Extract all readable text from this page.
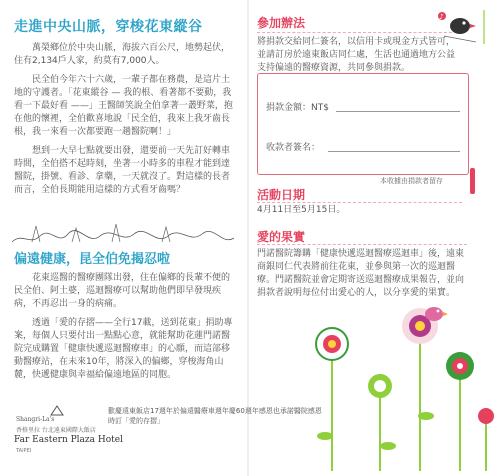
走進中央山脈，穿梭花東縱谷

萬榮鄉位於中央山脈，海拔六百公尺，地勢起伏，住有2,134戶人家，約莫有7,000人。

民全伯今年六十六歲，一輩子都在務農，是這片土地的守護者。「花東縱谷 — 我的根、看著都不要動，我看一下最好看 ——」王醫師笑說全伯拿著一叢野菜，抱在他的懷裡，全伯歡喜地說「民全伯，我來上我牙齒長根，我一來看一次都要跑一趟醫院啊！」

想到一大早七點就要出發，還要前一天先訂好轉車時間，全伯搭不起時刻，坐著一小時多的車程才能到達醫院，掛號、看診、拿藥，一天就沒了。對這樣的長者而言，全伯長期能用這樣的方式看牙齒嗎？

偏遠健康，昆全伯免揭忍啦

花東巡醫的醫療團隊出發，住在偏鄉的長輩不便的民全伯、阿土婆，巡迴醫療可以幫助他們即早發現疾病，不再忍出一身的病痛。

透過「愛的存摺——全行17載，送到花東」捐助專案，每個人只要付出一點點心意，就能幫助花蓮門諾醫院完成購置「健康快遞巡迴醫療車」的心願，而這部移動醫療站，在未來10年，將深入的偏鄉，穿梭海角山麓，快遞健康與幸福給偏遠地區的同胞。

Shangri-La's
香格里拉 台北遠東國際大飯店
Far Eastern Plaza Hotel
TAIPEI
歡慶遠東飯店17週年於偏遠醫療車週年慶60週年感恩也承諾醫院感恩時訂「愛的存摺」
參加辦法
將捐款交給同仁簽名，以信用卡或現金方式皆可，並請訂房於遠東飯店同仁處，生活也通過地方公益支持偏遠的醫療資源，共同參與捐款。
♪
捐款金額：NT$
收款者簽名：
本收據由捐款者留存
活動日期
4月11日至5月15日。
愛的果實
門諾醫院籌購「健康快遞巡迴醫療巡迴車」後，遠東商銀同仁代表將前往花東，並參與第一次的巡迴醫療。門諾醫院並會定期寄送巡迴醫療成果報告，並向捐款者說明每位付出愛心的人，以分享愛的果實。
